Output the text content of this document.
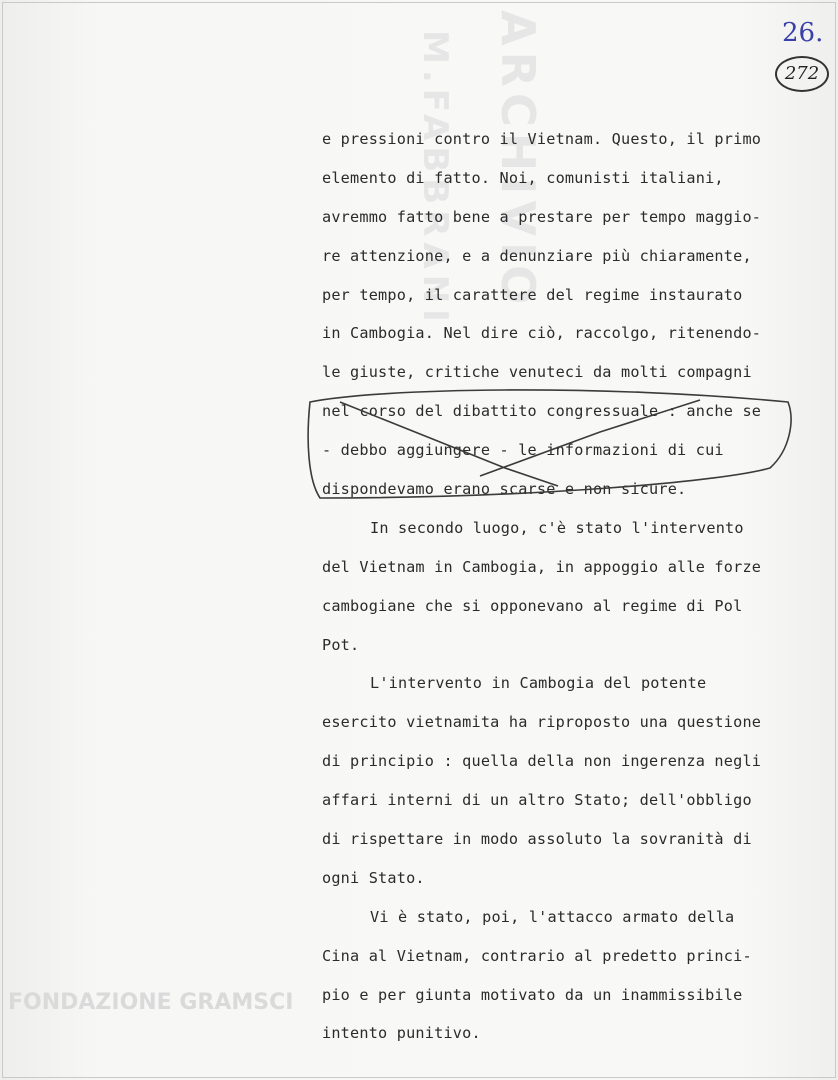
ARCHIVIO
M.FABBRANI
FONDAZIONE GRAMSCI
26.
272
e pressioni contro il Vietnam. Questo, il primo
elemento di fatto. Noi, comunisti italiani,
avremmo fatto bene a prestare per tempo maggio-
re attenzione, e a denunziare più chiaramente,
per tempo, il carattere del regime instaurato
in Cambogia. Nel dire ciò, raccolgo, ritenendo-
le giuste, critiche venuteci da molti compagni
nel corso del dibattito congressuale : anche se
- debbo aggiungere - le informazioni di cui
dispondevamo erano scarse e non sicure.
In secondo luogo, c'è stato l'intervento
del Vietnam in Cambogia, in appoggio alle forze
cambogiane che si opponevano al regime di Pol
Pot.
L'intervento in Cambogia del potente
esercito vietnamita ha riproposto una questione
di principio : quella della non ingerenza negli
affari interni di un altro Stato; dell'obbligo
di rispettare in modo assoluto la sovranità di
ogni Stato.
Vi è stato, poi, l'attacco armato della
Cina al Vietnam, contrario al predetto princi-
pio e per giunta motivato da un inammissibile
intento punitivo.
